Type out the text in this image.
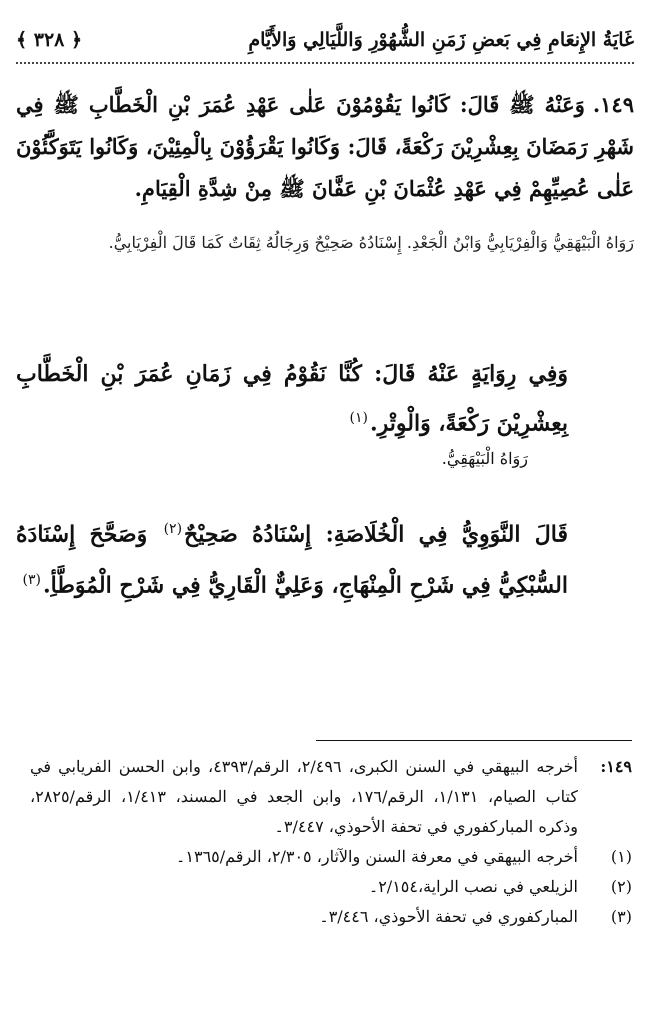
غَايَةُ الإِنعَامِ فِي بَعضِ زَمَنِ الشُّهُوْرِ وَاللَّيَالِي وَالأَيَّامِ
﴿ ٣٢٨ ﴾
١٤٩.وَعَنْهُ ﷺ قَالَ: كَانُوا يَقُوْمُوْنَ عَلٰى عَهْدِ عُمَرَ بْنِ الْخَطَّابِ ﷺ فِي شَهْرِ رَمَضَانَ بِعِشْرِيْنَ رَكْعَةً، قَالَ: وَكَانُوا يَقْرَؤُوْنَ بِالْمِئِيْنَ، وَكَانُوا يَتَوَكَّئُوْنَ عَلٰى عُصِيِّهِمْ فِي عَهْدِ عُثْمَانَ بْنِ عَفَّانَ ﷺ مِنْ شِدَّةِ الْقِيَامِ.
رَوَاهُ الْبَيْهَقِيُّ وَالْفِرْيَابِيُّ وَابْنُ الْجَعْدِ. إِسْنَادُهُ صَحِيْحٌ وَرِجَالُهُ ثِقَاتٌ كَمَا قَالَ الْفِرْيَابِيُّ.
وَفِي رِوَايَةٍ عَنْهُ قَالَ: كُنَّا نَقُوْمُ فِي زَمَانِ عُمَرَ بْنِ الْخَطَّابِ بِعِشْرِيْنَ رَكْعَةً، وَالْوِتْرِ.$^{(١)}$
رَوَاهُ الْبَيْهَقِيُّ.
قَالَ النَّوَوِيُّ فِي الْخُلَاصَةِ: إِسْنَادُهُ صَحِيْحٌ$^{(٢)}$ وَصَحَّحَ إِسْنَادَهُ السُّبْكِيُّ فِي شَرْحِ الْمِنْهَاجِ، وَعَلِيٌّ الْقَارِيُّ فِي شَرْحِ الْمُوَطَّأِ.$^{(٣)}$
١٤٩:
أخرجه البيهقي في السنن الكبرى، ٢/٤٩٦، الرقم/٤٣٩٣، وابن الحسن الفريابي في كتاب الصيام، ١/١٣١، الرقم/١٧٦، وابن الجعد في المسند، ١/٤١٣، الرقم/٢٨٢٥، وذكره المباركفوري في تحفة الأحوذي، ٣/٤٤٧۔
(١)
أخرجه البيهقي في معرفة السنن والآثار، ٢/٣٠٥، الرقم/١٣٦٥۔
(٢)
الزيلعي في نصب الراية،٢/١٥٤۔
(٣)
المباركفوري في تحفة الأحوذي، ٣/٤٤٦۔
